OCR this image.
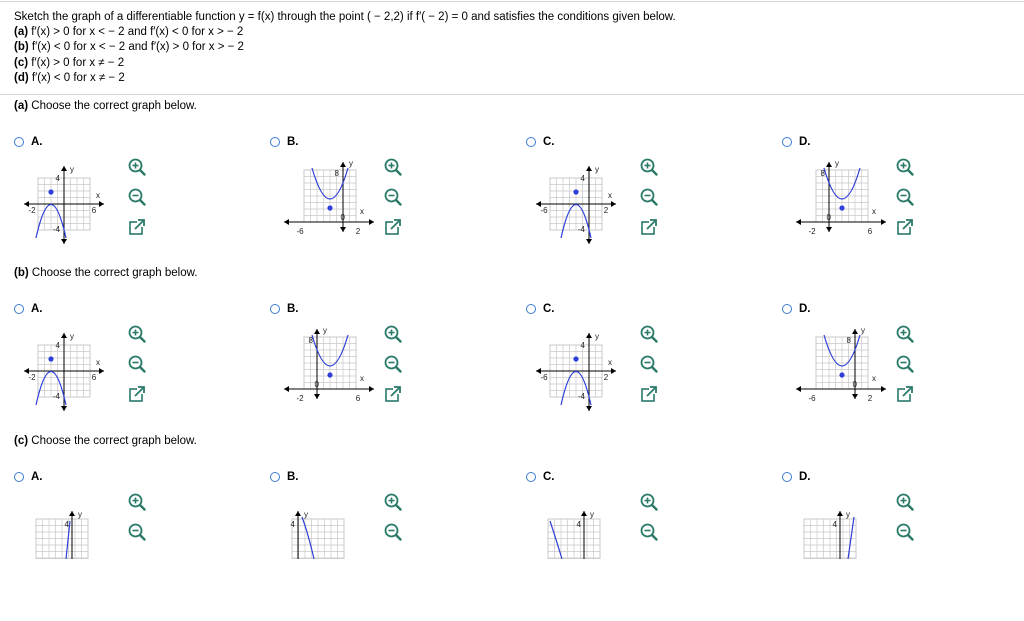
Sketch the graph of a differentiable function y = f(x) through the point ( − 2,2) if f′( − 2) = 0 and satisfies the conditions given below.

(a) f′(x) > 0 for x < − 2 and f′(x) < 0 for x > − 2

(b) f′(x) < 0 for x < − 2 and f′(x) > 0 for x > − 2

(c) f′(x) > 0 for x ≠ − 2

(d) f′(x) < 0 for x ≠ − 2

(a) Choose the correct graph below.
A.
4
-4
-2	6
x
y
B.
8
0
-6	2
x
y
C.
4
-4
-6	2
x
y
D.
8
0
-2	6
x
y
(b) Choose the correct graph below.
A.
4
-4
-2	6
x
y
B.
8
0
-2	6
x
y
C.
4
-4
-6	2
x
y
D.
8
0
-6	2
x
y
(c) Choose the correct graph below.
A.
4
y
B.
4
y
C.
4
y
D.
4
y
